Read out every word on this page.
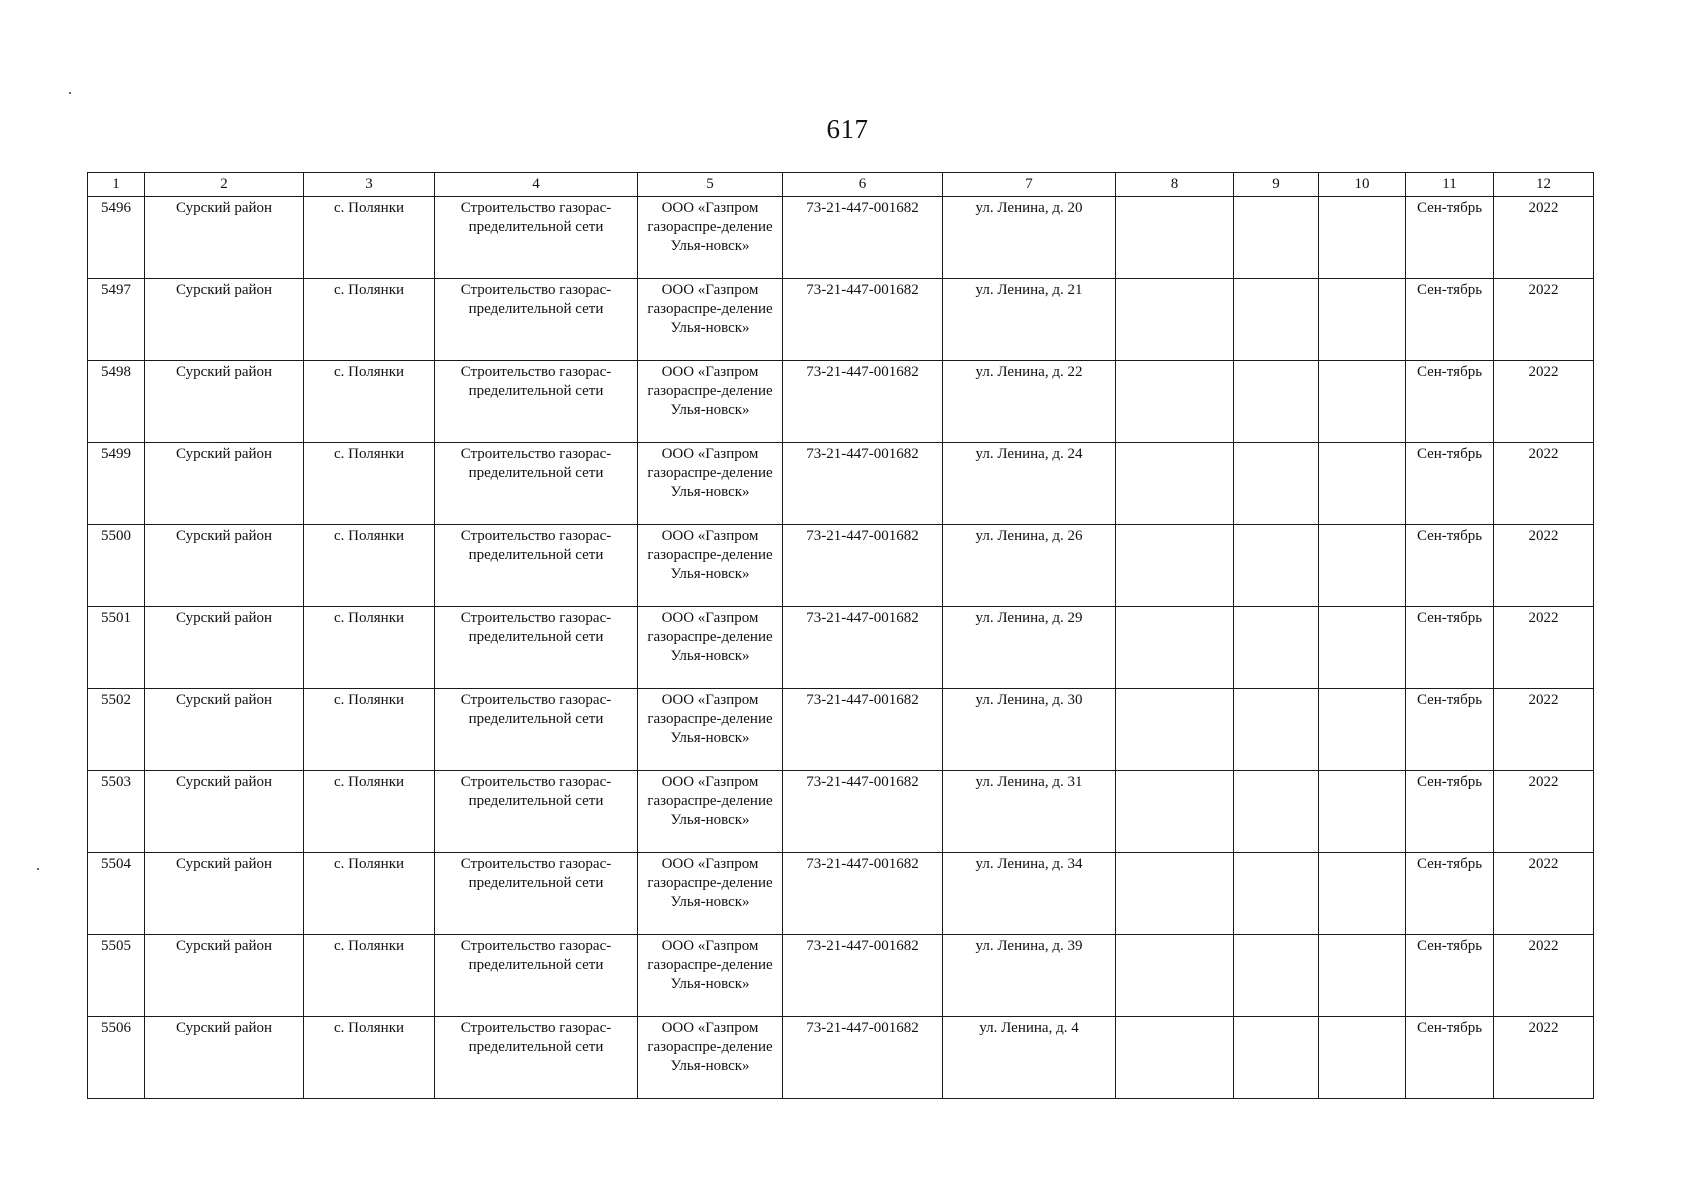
617
1	2	3	4	5	6	7	8	9	10	11	12
5496	Сурский район	с. Полянки	Строительство газорас-пределительной сети	ООО «Газпром газораспре-деление Улья-новск»	73-21-447-001682	ул. Ленина, д. 20				Сен-тябрь	2022
5497	Сурский район	с. Полянки	Строительство газорас-пределительной сети	ООО «Газпром газораспре-деление Улья-новск»	73-21-447-001682	ул. Ленина, д. 21				Сен-тябрь	2022
5498	Сурский район	с. Полянки	Строительство газорас-пределительной сети	ООО «Газпром газораспре-деление Улья-новск»	73-21-447-001682	ул. Ленина, д. 22				Сен-тябрь	2022
5499	Сурский район	с. Полянки	Строительство газорас-пределительной сети	ООО «Газпром газораспре-деление Улья-новск»	73-21-447-001682	ул. Ленина, д. 24				Сен-тябрь	2022
5500	Сурский район	с. Полянки	Строительство газорас-пределительной сети	ООО «Газпром газораспре-деление Улья-новск»	73-21-447-001682	ул. Ленина, д. 26				Сен-тябрь	2022
5501	Сурский район	с. Полянки	Строительство газорас-пределительной сети	ООО «Газпром газораспре-деление Улья-новск»	73-21-447-001682	ул. Ленина, д. 29				Сен-тябрь	2022
5502	Сурский район	с. Полянки	Строительство газорас-пределительной сети	ООО «Газпром газораспре-деление Улья-новск»	73-21-447-001682	ул. Ленина, д. 30				Сен-тябрь	2022
5503	Сурский район	с. Полянки	Строительство газорас-пределительной сети	ООО «Газпром газораспре-деление Улья-новск»	73-21-447-001682	ул. Ленина, д. 31				Сен-тябрь	2022
5504	Сурский район	с. Полянки	Строительство газорас-пределительной сети	ООО «Газпром газораспре-деление Улья-новск»	73-21-447-001682	ул. Ленина, д. 34				Сен-тябрь	2022
5505	Сурский район	с. Полянки	Строительство газорас-пределительной сети	ООО «Газпром газораспре-деление Улья-новск»	73-21-447-001682	ул. Ленина, д. 39				Сен-тябрь	2022
5506	Сурский район	с. Полянки	Строительство газорас-пределительной сети	ООО «Газпром газораспре-деление Улья-новск»	73-21-447-001682	ул. Ленина, д. 4				Сен-тябрь	2022
